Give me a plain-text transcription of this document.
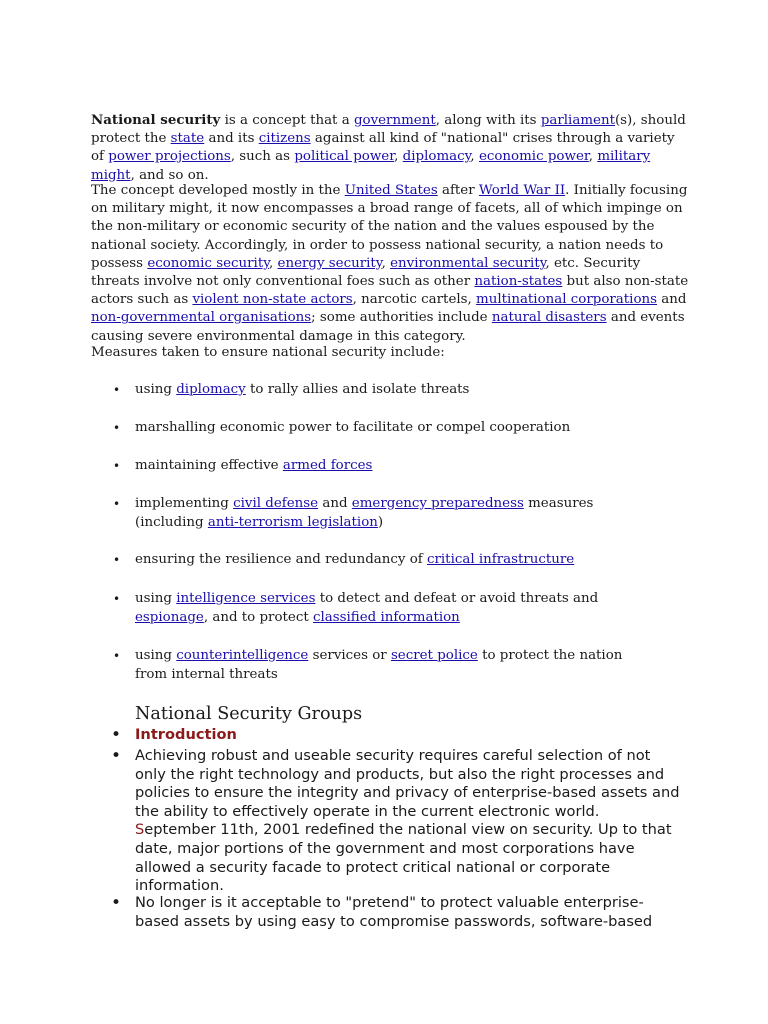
National security is a concept that a government, along with its parliament(s), should protect the state and its citizens against all kind of "national" crises through a variety of power projections, such as political power, diplomacy, economic power, military might, and so on.

The concept developed mostly in the United States after World War II. Initially focusing on military might, it now encompasses a broad range of facets, all of which impinge on the non-military or economic security of the nation and the values espoused by the national society. Accordingly, in order to possess national security, a nation needs to possess economic security, energy security, environmental security, etc. Security threats involve not only conventional foes such as other nation-states but also non-state actors such as violent non-state actors, narcotic cartels, multinational corporations and non-governmental organisations; some authorities include natural disasters and events causing severe environmental damage in this category.

Measures taken to ensure national security include:

• using diplomacy to rally allies and isolate threats
• marshalling economic power to facilitate or compel cooperation
• maintaining effective armed forces
• implementing civil defense and emergency preparedness measures (including anti-terrorism legislation)
• ensuring the resilience and redundancy of critical infrastructure
• using intelligence services to detect and defeat or avoid threats and espionage, and to protect classified information
• using counterintelligence services or secret police to protect the nation from internal threats
National Security Groups
• Introduction
• Achieving robust and useable security requires careful selection of not only the right technology and products, but also the right processes and policies to ensure the integrity and privacy of enterprise-based assets and the ability to effectively operate in the current electronic world. September 11th, 2001 redefined the national view on security. Up to that date, major portions of the government and most corporations have allowed a security facade to protect critical national or corporate information.
• No longer is it acceptable to "pretend" to protect valuable enterprise-based assets by using easy to compromise passwords, software-based
